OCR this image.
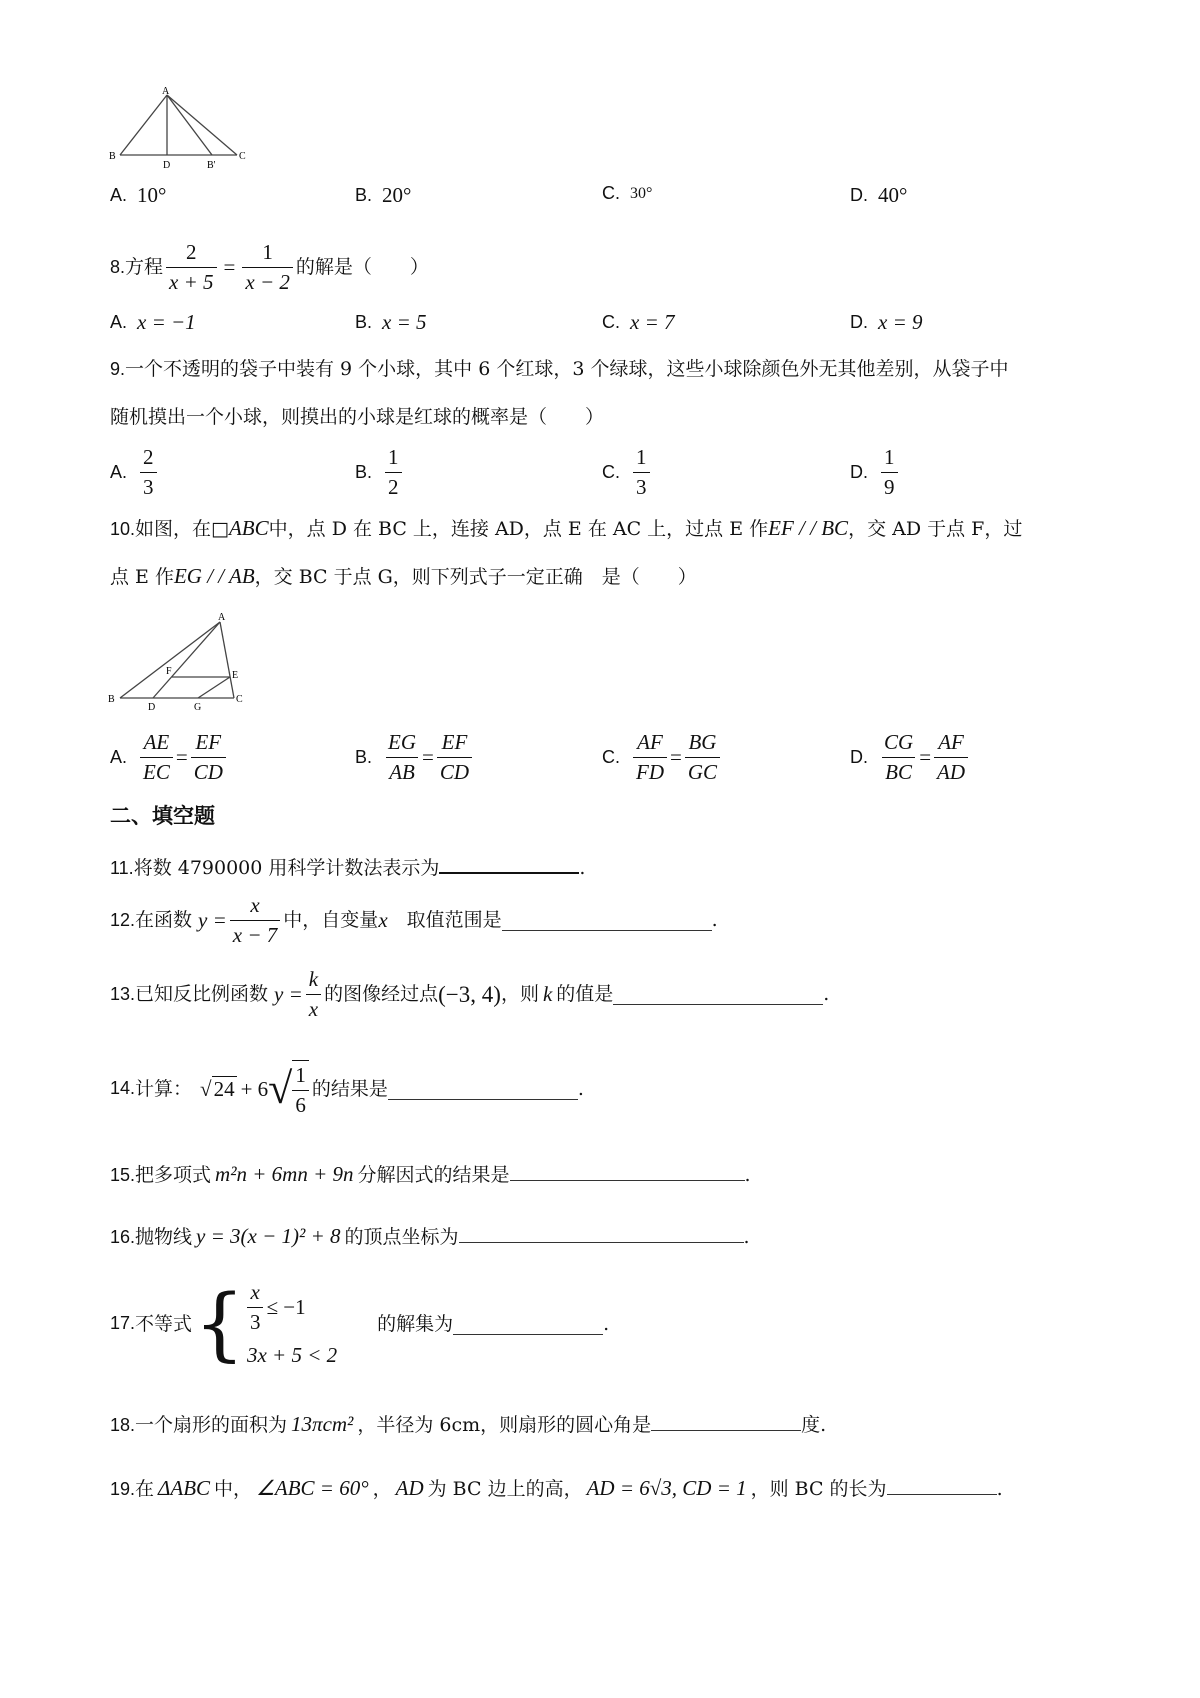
A
B
D	B'
C
A. 10°	B. 20°	C. 30°	D. 40°
8. 方程 $\frac{2}{x + 5} = \frac{1}{x - 2}$ 的解是（　　）
A. x = −1	B. x = 5	C. x = 7	D. x = 9
9.一个不透明的袋子中装有 9 个小球，其中 6 个红球，3 个绿球，这些小球除颜色外无其他差别，从袋子中
随机摸出一个小球，则摸出的小球是红球的概率是（　　）
A. $\frac{2}{3}$	B. $\frac{1}{2}$	C. $\frac{1}{3}$	D. $\frac{1}{9}$
10.如图，在□ABC中，点 D 在 BC 上，连接 AD，点 E 在 AC 上，过点 E 作EF / / BC，交 AD 于点 F，过
点 E 作EG / / AB，交 BC 于点 G，则下列式子一定正确　是（　　）
A
B	C
D
E
F
G
A. $\frac{AE}{EC} = \frac{EF}{CD}$	B. $\frac{EG}{AB} = \frac{EF}{CD}$	C. $\frac{AF}{FD} = \frac{BG}{GC}$	D. $\frac{CG}{BC} = \frac{AF}{AD}$
二、填空题
11.将数 4790000 用科学计数法表示为	.
12. 在函数 $y = \frac{x}{x - 7}$ 中，自变量 x 　取值范围是	.
13. 已知反比例函数 $y = \frac{k}{x}$ 的图像经过点 (−3, 4) ，则 k 的值是	.
14. 计算： √24 + 6 √ $\frac{1}{6}$ 的结果是	.
15.把多项式 m²n + 6mn + 9n 分解因式的结果是	.
16.抛物线 y = 3(x − 1)² + 8 的顶点坐标为	.
17. 不等式 { $\frac{x}{3} \le -1$
3x + 5 < 2
的解集为	.
18.一个扇形的面积为 13πcm² ，半径为 6cm，则扇形的圆心角是	度.
19.在 ΔABC 中， ∠ABC = 60° ， AD 为 BC 边上的高， AD = 6√3, CD = 1 ，则 BC 的长为	.
